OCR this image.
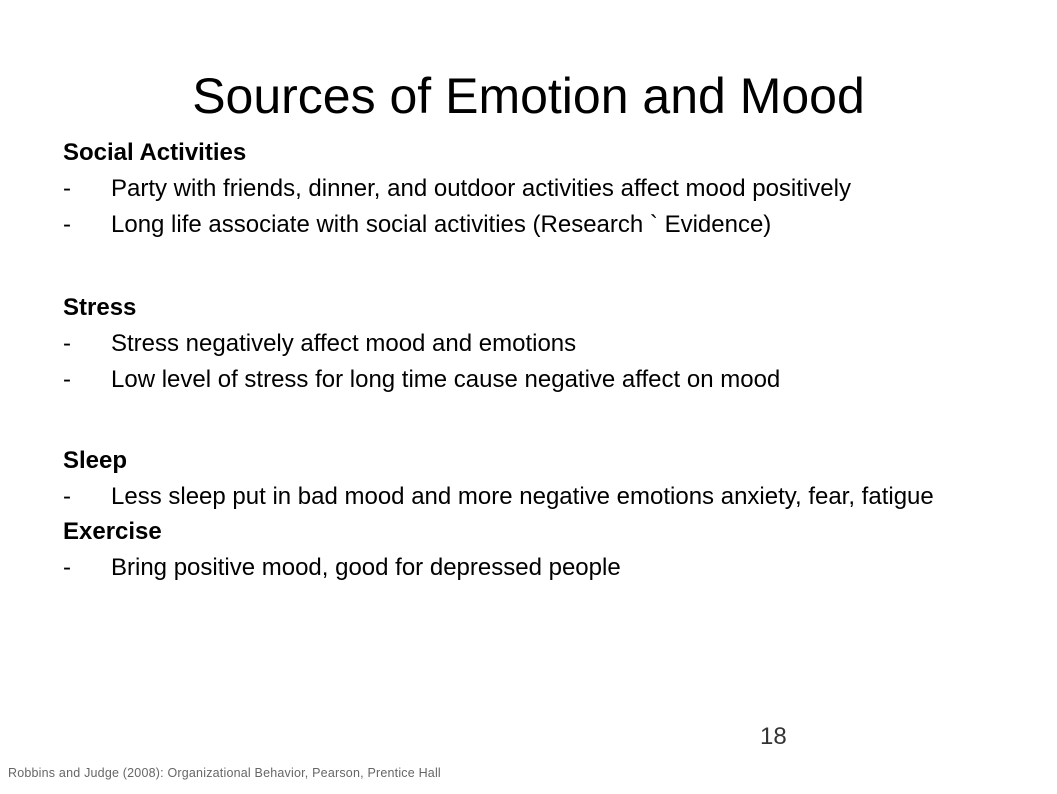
Sources of Emotion and Mood
Social Activities
- Party with friends, dinner, and outdoor activities affect mood positively
- Long life associate with social activities (Research ` Evidence)
Stress
-	Stress negatively affect mood and emotions
-	Low level of stress for long time cause negative affect on mood
Sleep
-	Less sleep put in bad mood and more negative emotions anxiety, fear, fatigue
Exercise
-	Bring positive mood, good for depressed people
18
Robbins and Judge (2008): Organizational Behavior, Pearson, Prentice Hall
